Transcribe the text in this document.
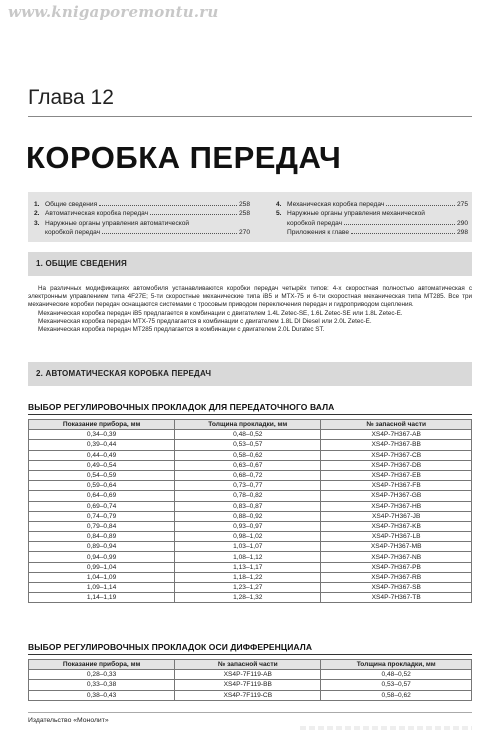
www.knigaporemontu.ru
Глава 12
КОРОБКА ПЕРЕДАЧ
1. Общие сведения	258
2. Автоматическая коробка передач	258
3. Наружные органы управления автоматической
коробкой передач	270
4. Механическая коробка передач	275
5. Наружные органы управления механической
коробкой передач	290
Приложения к главе	298
1. ОБЩИЕ СВЕДЕНИЯ

На различных модификациях автомобиля устанавливаются коробки передач четырёх типов: 4-х скоростная полностью автоматическая с электронным управлением типа 4F27E; 5-ти скоростные механические типа iB5 и MTX-75 и 6-ти скоростная механическая типа MT285. Все три механические коробки передач оснащаются системами с тросовым приводом переключения передач и гидроприводом сцепления.

Механическая коробка передач iB5 предлагается в комбинации с двигателем 1.4L Zetec-SE, 1.6L Zetec-SE или 1.8L Zetec-E.

Механическая коробка передач MTX-75 предлагается в комбинации с двигателем 1.8L DI Diesel или 2.0L Zetec-E.

Механическая коробка передач MT285 предлагается в комбинации с двигателем 2.0L Duratec ST.

2. АВТОМАТИЧЕСКАЯ КОРОБКА ПЕРЕДАЧ
ВЫБОР РЕГУЛИРОВОЧНЫХ ПРОКЛАДОК ДЛЯ ПЕРЕДАТОЧНОГО ВАЛА
Показание прибора, мм	Толщина прокладки, мм	№ запасной части
0,34–0,39	0,48–0,52	XS4P-7H367-AB
0,39–0,44	0,53–0,57	XS4P-7H367-BB
0,44–0,49	0,58–0,62	XS4P-7H367-CB
0,49–0,54	0,63–0,67	XS4P-7H367-DB
0,54–0,59	0,68–0,72	XS4P-7H367-EB
0,59–0,64	0,73–0,77	XS4P-7H367-FB
0,64–0,69	0,78–0,82	XS4P-7H367-GB
0,69–0,74	0,83–0,87	XS4P-7H367-HB
0,74–0,79	0,88–0,92	XS4P-7H367-JB
0,79–0,84	0,93–0,97	XS4P-7H367-KB
0,84–0,89	0,98–1,02	XS4P-7H367-LB
0,89–0,94	1,03–1,07	XS4P-7H367-MB
0,94–0,99	1,08–1,12	XS4P-7H367-NB
0,99–1,04	1,13–1,17	XS4P-7H367-PB
1,04–1,09	1,18–1,22	XS4P-7H367-RB
1,09–1,14	1,23–1,27	XS4P-7H367-SB
1,14–1,19	1,28–1,32	XS4P-7H367-TB
ВЫБОР РЕГУЛИРОВОЧНЫХ ПРОКЛАДОК ОСИ ДИФФЕРЕНЦИАЛА
Показание прибора, мм	№ запасной части	Толщина прокладки, мм
0,28–0,33	XS4P-7F119-AB	0,48–0,52
0,33–0,38	XS4P-7F119-BB	0,53–0,57
0,38–0,43	XS4P-7F119-CB	0,58–0,62
Издательство «Монолит»
